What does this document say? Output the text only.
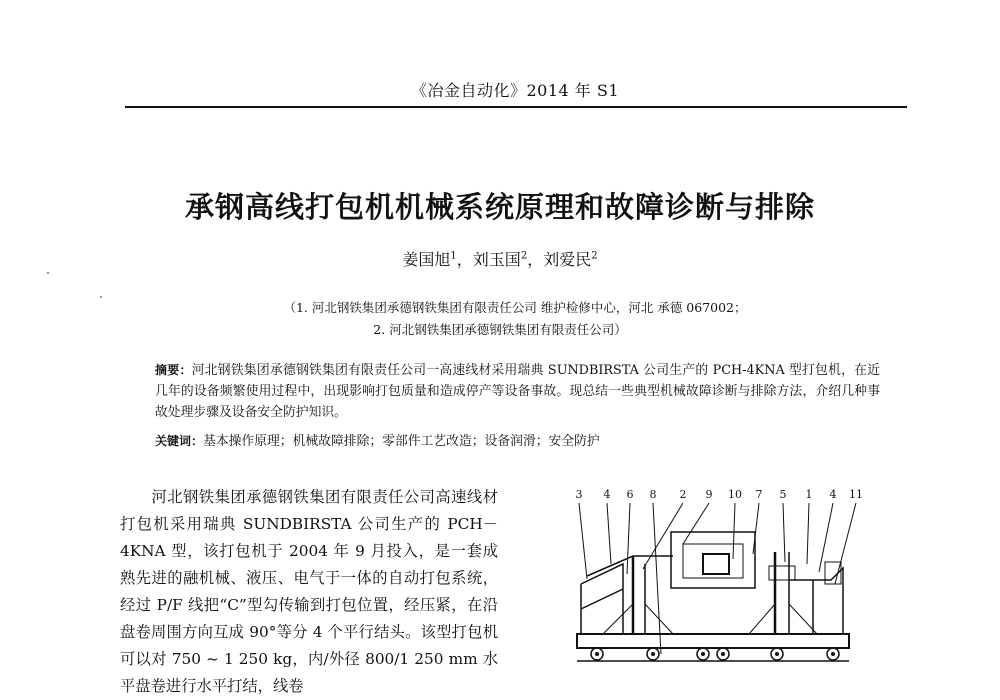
《冶金自动化》2014 年 S1
承钢高线打包机机械系统原理和故障诊断与排除
姜国旭$^1$，刘玉国$^2$，刘爱民$^2$
（1. 河北钢铁集团承德钢铁集团有限责任公司 维护检修中心，河北 承德 067002；
2. 河北钢铁集团承德钢铁集团有限责任公司）
摘要：河北钢铁集团承德钢铁集团有限责任公司一高速线材采用瑞典 SUNDBIRSTA 公司生产的 PCH-4KNA 型打包机，在近几年的设备频繁使用过程中，出现影响打包质量和造成停产等设备事故。现总结一些典型机械故障诊断与排除方法，介绍几种事故处理步骤及设备安全防护知识。
关键词：基本操作原理；机械故障排除；零部件工艺改造；设备润滑；安全防护
河北钢铁集团承德钢铁集团有限责任公司高速线材打包机采用瑞典 SUNDBIRSTA 公司生产的 PCH－4KNA 型，该打包机于 2004 年 9 月投入，是一套成熟先进的融机械、液压、电气于一体的自动打包系统，经过 P/F 线把“C”型勾传输到打包位置，经压紧，在沿盘卷周围方向互成 90°等分 4 个平行结头。该型打包机可以对 750 ~ 1 250 kg，内/外径 800/1 250 mm 水平盘卷进行水平打结，线卷
3 4 6 8 2 9 10 7 5 1 4 11
